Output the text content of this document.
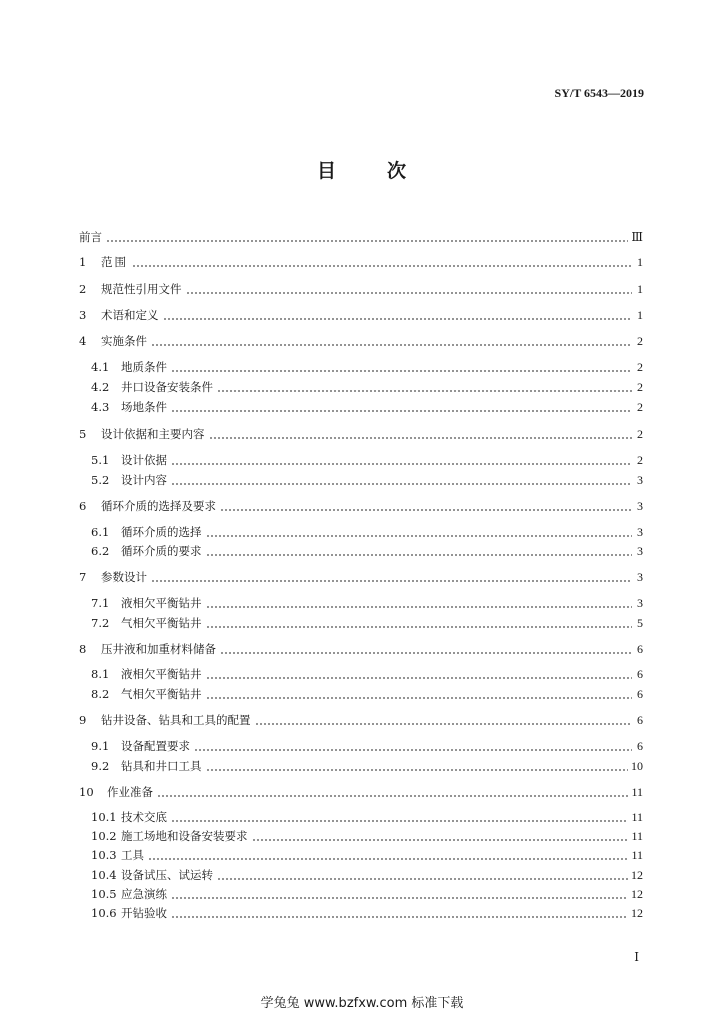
SY/T 6543—2019
目	次
前言	Ⅲ
1	范围	1
2	规范性引用文件	1
3	术语和定义	1
4	实施条件	2
4.1	地质条件	2
4.2	井口设备安装条件	2
4.3	场地条件	2
5	设计依据和主要内容	2
5.1	设计依据	2
5.2	设计内容	3
6	循环介质的选择及要求	3
6.1	循环介质的选择	3
6.2	循环介质的要求	3
7	参数设计	3
7.1	液相欠平衡钻井	3
7.2	气相欠平衡钻井	5
8	压井液和加重材料储备	6
8.1	液相欠平衡钻井	6
8.2	气相欠平衡钻井	6
9	钻井设备、钻具和工具的配置	6
9.1	设备配置要求	6
9.2	钻具和井口工具	10
10	作业准备	11
10.1 技术交底	11
10.2 施工场地和设备安装要求	11
10.3 工具	11
10.4 设备试压、试运转	12
10.5 应急演练	12
10.6 开钻验收	12
Ⅰ
学兔兔 www.bzfxw.com 标准下载
